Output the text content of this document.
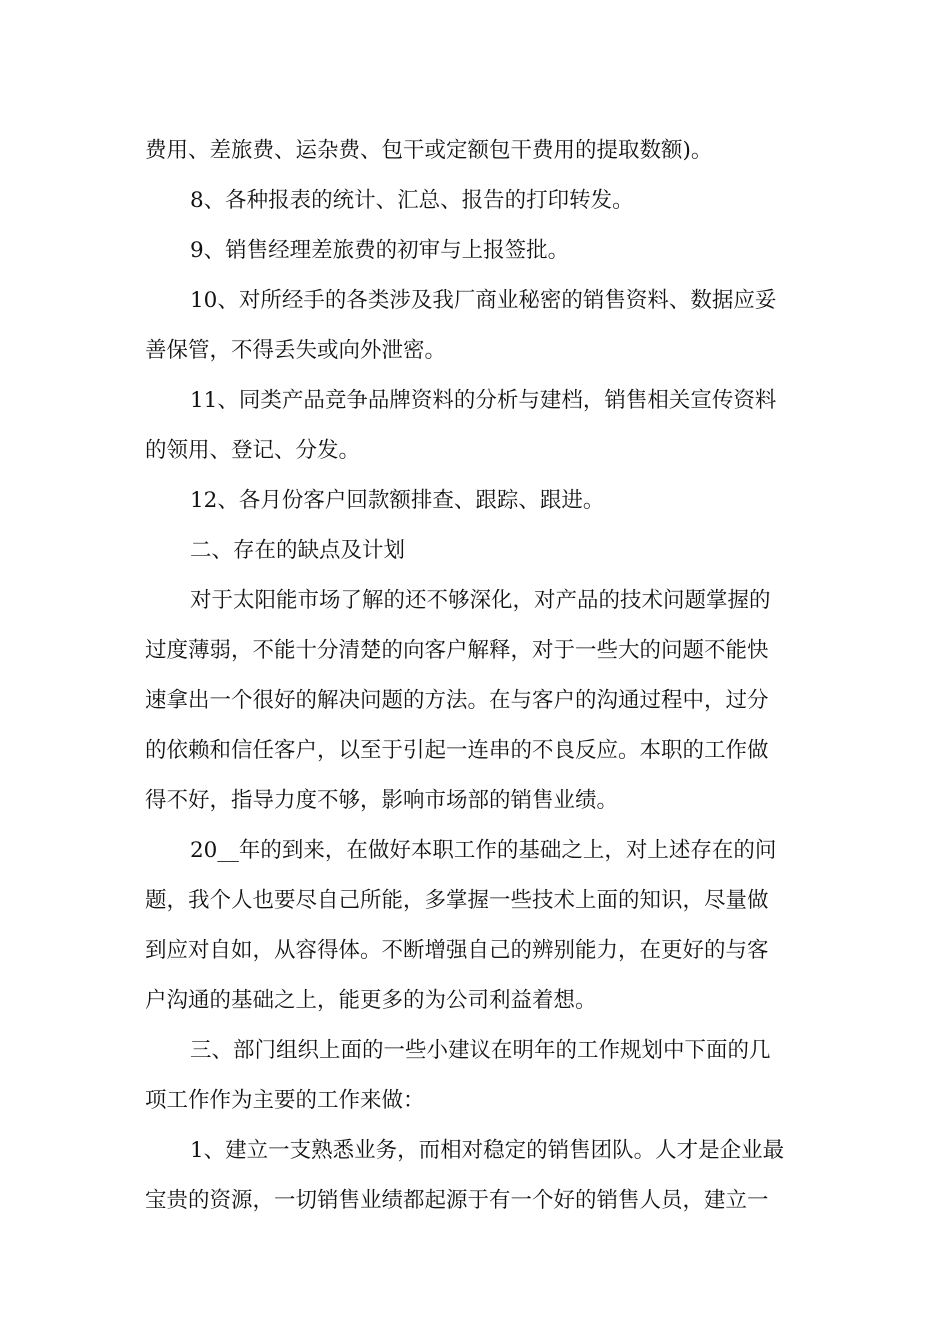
费用、差旅费、运杂费、包干或定额包干费用的提取数额)。

8、各种报表的统计、汇总、报告的打印转发。

9、销售经理差旅费的初审与上报签批。

10、对所经手的各类涉及我厂商业秘密的销售资料、数据应妥

善保管，不得丢失或向外泄密。

11、同类产品竞争品牌资料的分析与建档，销售相关宣传资料

的领用、登记、分发。

12、各月份客户回款额排查、跟踪、跟进。

二、存在的缺点及计划

对于太阳能市场了解的还不够深化，对产品的技术问题掌握的

过度薄弱，不能十分清楚的向客户解释，对于一些大的问题不能快

速拿出一个很好的解决问题的方法。在与客户的沟通过程中，过分

的依赖和信任客户，以至于引起一连串的不良反应。本职的工作做

得不好，指导力度不够，影响市场部的销售业绩。

20__年的到来，在做好本职工作的基础之上，对上述存在的问

题，我个人也要尽自己所能，多掌握一些技术上面的知识，尽量做

到应对自如，从容得体。不断增强自己的辨别能力，在更好的与客

户沟通的基础之上，能更多的为公司利益着想。

三、部门组织上面的一些小建议在明年的工作规划中下面的几

项工作作为主要的工作来做：

1、建立一支熟悉业务，而相对稳定的销售团队。人才是企业最

宝贵的资源，一切销售业绩都起源于有一个好的销售人员，建立一
